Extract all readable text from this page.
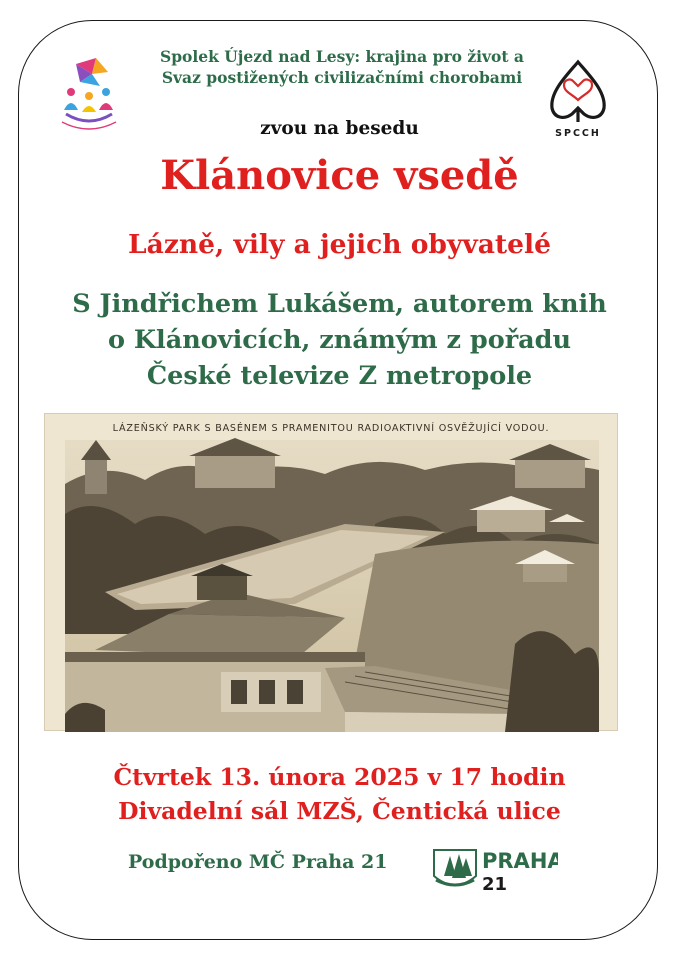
Spolek Újezd nad Lesy: krajina pro život a
Svaz postižených civilizačními chorobami
SPCCH
zvou na besedu
Klánovice vsedě
Lázně, vily a jejich obyvatelé
S Jindřichem Lukášem, autorem knih
o Klánovicích, známým z pořadu
České televize Z metropole
LÁZEŇSKÝ PARK S BASÉNEM S PRAMENITOU RADIOAKTIVNÍ OSVĚŽUJÍCÍ VODOU.
Čtvrtek 13. února 2025 v 17 hodin
Divadelní sál MZŠ, Čentická ulice
Podpořeno MČ Praha 21	PRAHA
21
